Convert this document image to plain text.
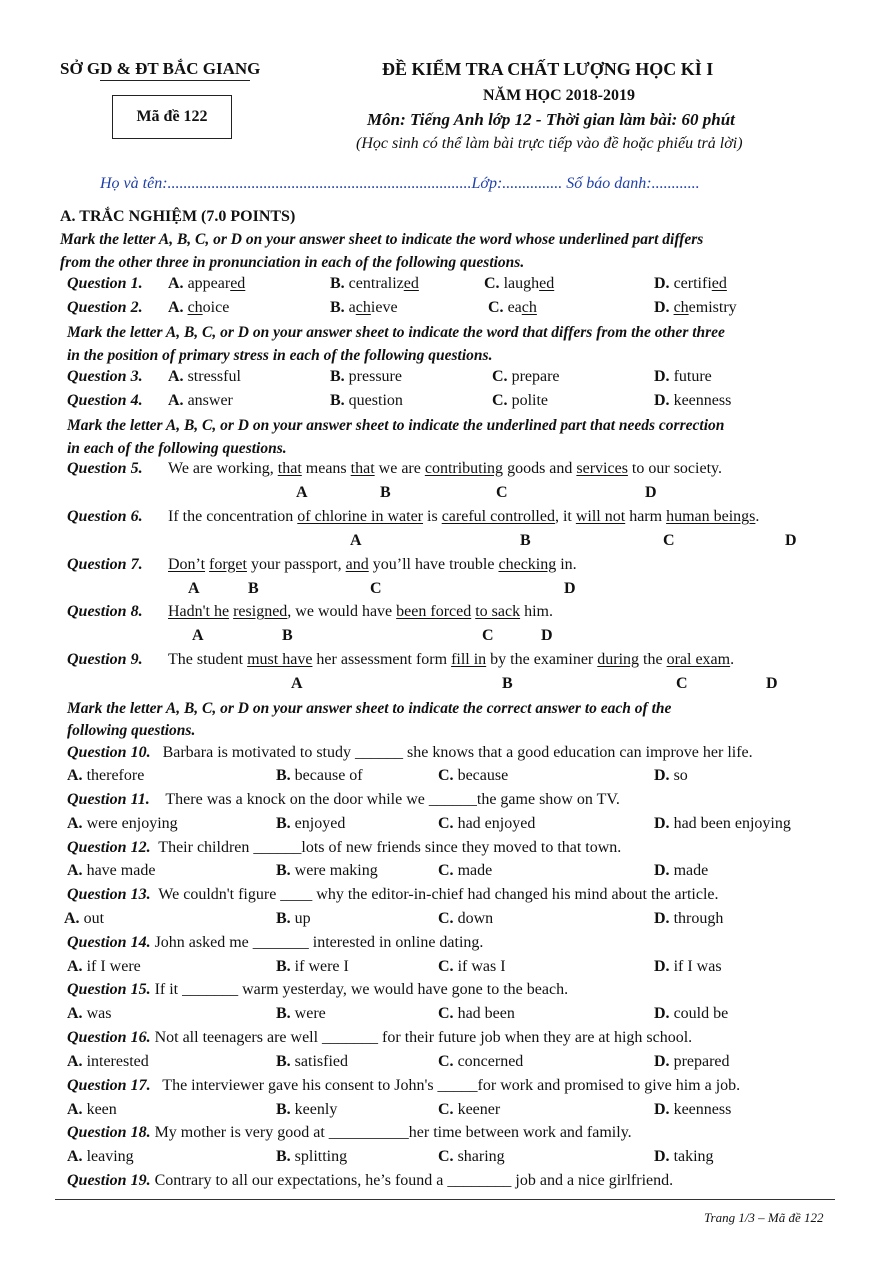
SỞ GD & ĐT BẮC GIANG
Mã đề 122
ĐỀ KIỂM TRA CHẤT LƯỢNG HỌC KÌ I
NĂM HỌC 2018-2019
Môn: Tiếng Anh lớp 12 - Thời gian làm bài: 60 phút
(Học sinh có thể làm bài trực tiếp vào đề hoặc phiếu trả lời)
Họ và tên:............................................................................Lớp:............... Số báo danh:............
A. TRẮC NGHIỆM (7.0 POINTS)
Mark the letter A, B, C, or D on your answer sheet to indicate the word whose underlined part differs
from the other three in pronunciation in each of the following questions.
Question 1. A. appeared	B. centralized	C. laughed	D. certified
Question 2. A. choice	B. achieve	C. each	D. chemistry
Mark the letter A, B, C, or D on your answer sheet to indicate the word that differs from the other three
in the position of primary stress in each of the following questions.
Question 3. A. stressful	B. pressure	C. prepare	D. future
Question 4. A. answer	B. question	C. polite	D. keenness
Mark the letter A, B, C, or D on your answer sheet to indicate the underlined part that needs correction
in each of the following questions.
Question 5. We are working, that means that we are contributing goods and services to our society.
A	B	C	D
Question 6. If the concentration of chlorine in water is careful controlled, it will not harm human beings.
A	B	C	D
Question 7. Don’t forget your passport, and you’ll have trouble checking in.
A	B	C	D
Question 8. Hadn't he resigned, we would have been forced to sack him.
A	B	C	D
Question 9. The student must have her assessment form fill in by the examiner during the oral exam.
A	B	C	D
Mark the letter A, B, C, or D on your answer sheet to indicate the correct answer to each of the
following questions.
Question 10. Barbara is motivated to study ______ she knows that a good education can improve her life.
A. therefore	B. because of	C. because	D. so
Question 11. There was a knock on the door while we ______the game show on TV.
A. were enjoying	B. enjoyed	C. had enjoyed	D. had been enjoying
Question 12. Their children ______lots of new friends since they moved to that town.
A. have made	B. were making	C. made	D. made
Question 13. We couldn't figure ____ why the editor-in-chief had changed his mind about the article.
A. out	B. up	C. down	D. through
Question 14. John asked me _______ interested in online dating.
A. if I were	B. if were I	C. if was I	D. if I was
Question 15. If it _______ warm yesterday, we would have gone to the beach.
A. was	B. were	C. had been	D. could be
Question 16. Not all teenagers are well _______ for their future job when they are at high school.
A. interested	B. satisfied	C. concerned	D. prepared
Question 17. The interviewer gave his consent to John's _____for work and promised to give him a job.
A. keen	B. keenly	C. keener	D. keenness
Question 18. My mother is very good at __________her time between work and family.
A. leaving	B. splitting	C. sharing	D. taking
Question 19. Contrary to all our expectations, he’s found a ________ job and a nice girlfriend.
Trang 1/3 – Mã đề 122
